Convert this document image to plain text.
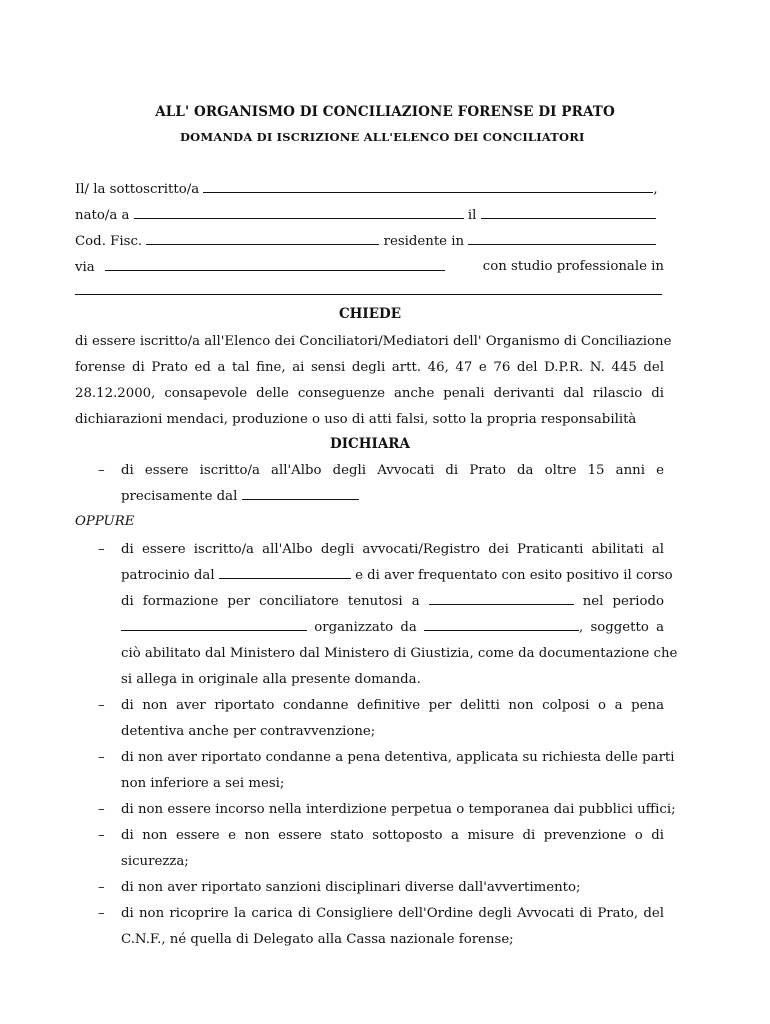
ALL' ORGANISMO DI CONCILIAZIONE FORENSE DI PRATO
DOMANDA DI ISCRIZIONE ALL'ELENCO DEI CONCILIATORI
Il/ la sottoscritto/a	,
nato/a a	il
Cod. Fisc.	residente in
via	con studio professionale in
CHIEDE
di essere iscritto/a all'Elenco dei Conciliatori/Mediatori dell' Organismo di Conciliazione
forense di Prato ed a tal fine, ai sensi degli artt. 46, 47 e 76 del D.P.R. N. 445 del
28.12.2000, consapevole delle conseguenze anche penali derivanti dal rilascio di
dichiarazioni mendaci, produzione o uso di atti falsi, sotto la propria responsabilità
DICHIARA
– di essere iscritto/a all'Albo degli Avvocati di Prato da oltre 15 anni e
precisamente dal
OPPURE
– di essere iscritto/a all'Albo degli avvocati/Registro dei Praticanti abilitati al
patrocinio dal	e di aver frequentato con esito positivo il corso
di formazione per conciliatore tenutosi a	nel periodo
organizzato da	, soggetto a
ciò abilitato dal Ministero dal Ministero di Giustizia, come da documentazione che
si allega in originale alla presente domanda.
– di non aver riportato condanne definitive per delitti non colposi o a pena
detentiva anche per contravvenzione;
– di non aver riportato condanne a pena detentiva, applicata su richiesta delle parti
non inferiore a sei mesi;
– di non essere incorso nella interdizione perpetua o temporanea dai pubblici uffici;
– di non essere e non essere stato sottoposto a misure di prevenzione o di
sicurezza;
– di non aver riportato sanzioni disciplinari diverse dall'avvertimento;
– di non ricoprire la carica di Consigliere dell'Ordine degli Avvocati di Prato, del
C.N.F., né quella di Delegato alla Cassa nazionale forense;
